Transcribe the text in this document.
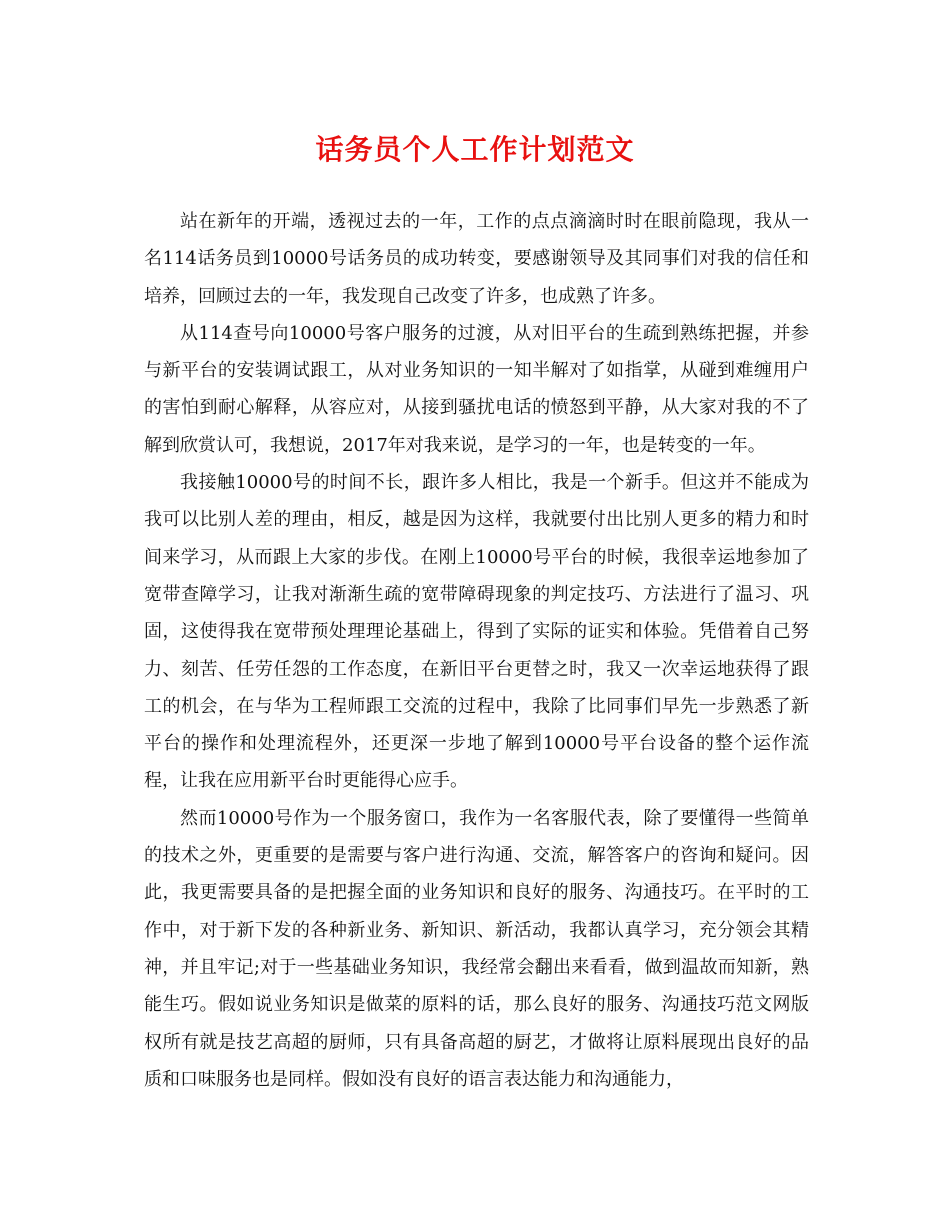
话务员个人工作计划范文

站在新年的开端，透视过去的一年，工作的点点滴滴时时在眼前隐现，我从一名114话务员到10000号话务员的成功转变，要感谢领导及其同事们对我的信任和培养，回顾过去的一年，我发现自己改变了许多，也成熟了许多。

从114查号向10000号客户服务的过渡，从对旧平台的生疏到熟练把握，并参与新平台的安装调试跟工，从对业务知识的一知半解对了如指掌，从碰到难缠用户的害怕到耐心解释，从容应对，从接到骚扰电话的愤怒到平静，从大家对我的不了解到欣赏认可，我想说，2017年对我来说，是学习的一年，也是转变的一年。

我接触10000号的时间不长，跟许多人相比，我是一个新手。但这并不能成为我可以比别人差的理由，相反，越是因为这样，我就要付出比别人更多的精力和时间来学习，从而跟上大家的步伐。在刚上10000号平台的时候，我很幸运地参加了宽带查障学习，让我对渐渐生疏的宽带障碍现象的判定技巧、方法进行了温习、巩固，这使得我在宽带预处理理论基础上，得到了实际的证实和体验。凭借着自己努力、刻苦、任劳任怨的工作态度，在新旧平台更替之时，我又一次幸运地获得了跟工的机会，在与华为工程师跟工交流的过程中，我除了比同事们早先一步熟悉了新平台的操作和处理流程外，还更深一步地了解到10000号平台设备的整个运作流程，让我在应用新平台时更能得心应手。

然而10000号作为一个服务窗口，我作为一名客服代表，除了要懂得一些简单的技术之外，更重要的是需要与客户进行沟通、交流，解答客户的咨询和疑问。因此，我更需要具备的是把握全面的业务知识和良好的服务、沟通技巧。在平时的工作中，对于新下发的各种新业务、新知识、新活动，我都认真学习，充分领会其精神，并且牢记;对于一些基础业务知识，我经常会翻出来看看，做到温故而知新，熟能生巧。假如说业务知识是做菜的原料的话，那么良好的服务、沟通技巧范文网版权所有就是技艺高超的厨师，只有具备高超的厨艺，才做将让原料展现出良好的品质和口味服务也是同样。假如没有良好的语言表达能力和沟通能力，
